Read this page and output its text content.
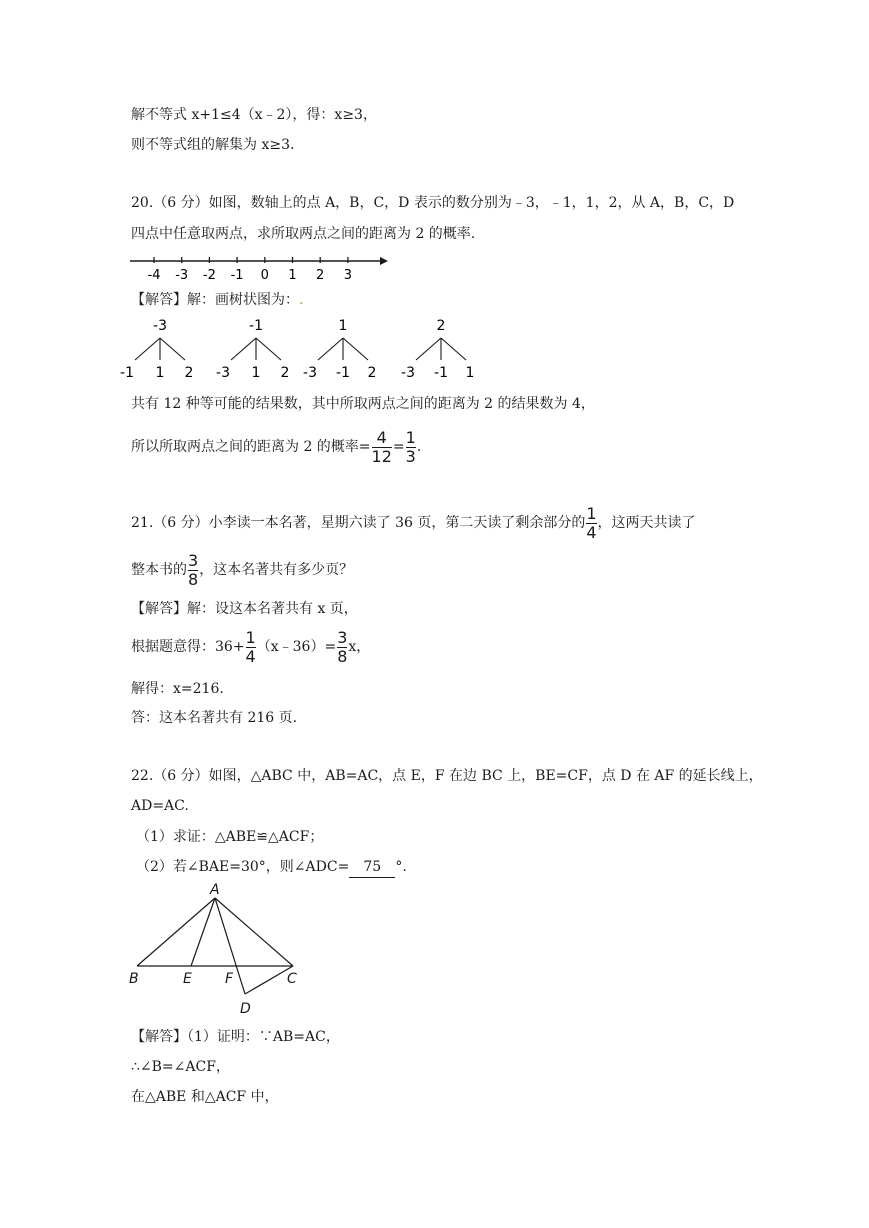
解不等式 x+1≤4（x﹣2），得：x≥3，
则不等式组的解集为 x≥3.
20.（6 分）如图，数轴上的点 A，B，C，D 表示的数分别为﹣3，﹣1，1，2，从 A，B，C，D
四点中任意取两点，求所取两点之间的距离为 2 的概率.
-4 -3 -2 -1 0 1 2 3
【解答】解：画树状图为：.
-3
-1 1 2
-1
-3 1 2
1
-3 -1 2
2
-3 -1 1
共有 12 种等可能的结果数，其中所取两点之间的距离为 2 的结果数为 4，
所以所取两点之间的距离为 2 的概率= $\frac{4}{12} = \frac{1}{3}$ .
21.（6 分）小李读一本名著，星期六读了 36 页，第二天读了剩余部分的 $\frac{1}{4}$ ，这两天共读了
整本书的 $\frac{3}{8}$ ，这本名著共有多少页？
【解答】解：设这本名著共有 x 页，
根据题意得：$36+ \frac{1}{4}$ （x﹣36）= $\frac{3}{8}$ x，
解得：x=216.
答：这本名著共有 216 页.
22.（6 分）如图，△ABC 中，AB=AC，点 E，F 在边 BC 上，BE=CF，点 D 在 AF 的延长线上，
AD=AC.
（1）求证：△ABE≌△ACF；
（2）若∠BAE=30°，则∠ADC= 75 °.
A
B	E F	C
D
【解答】（1）证明：∵AB=AC，
∴∠B=∠ACF，
在△ABE 和△ACF 中，
